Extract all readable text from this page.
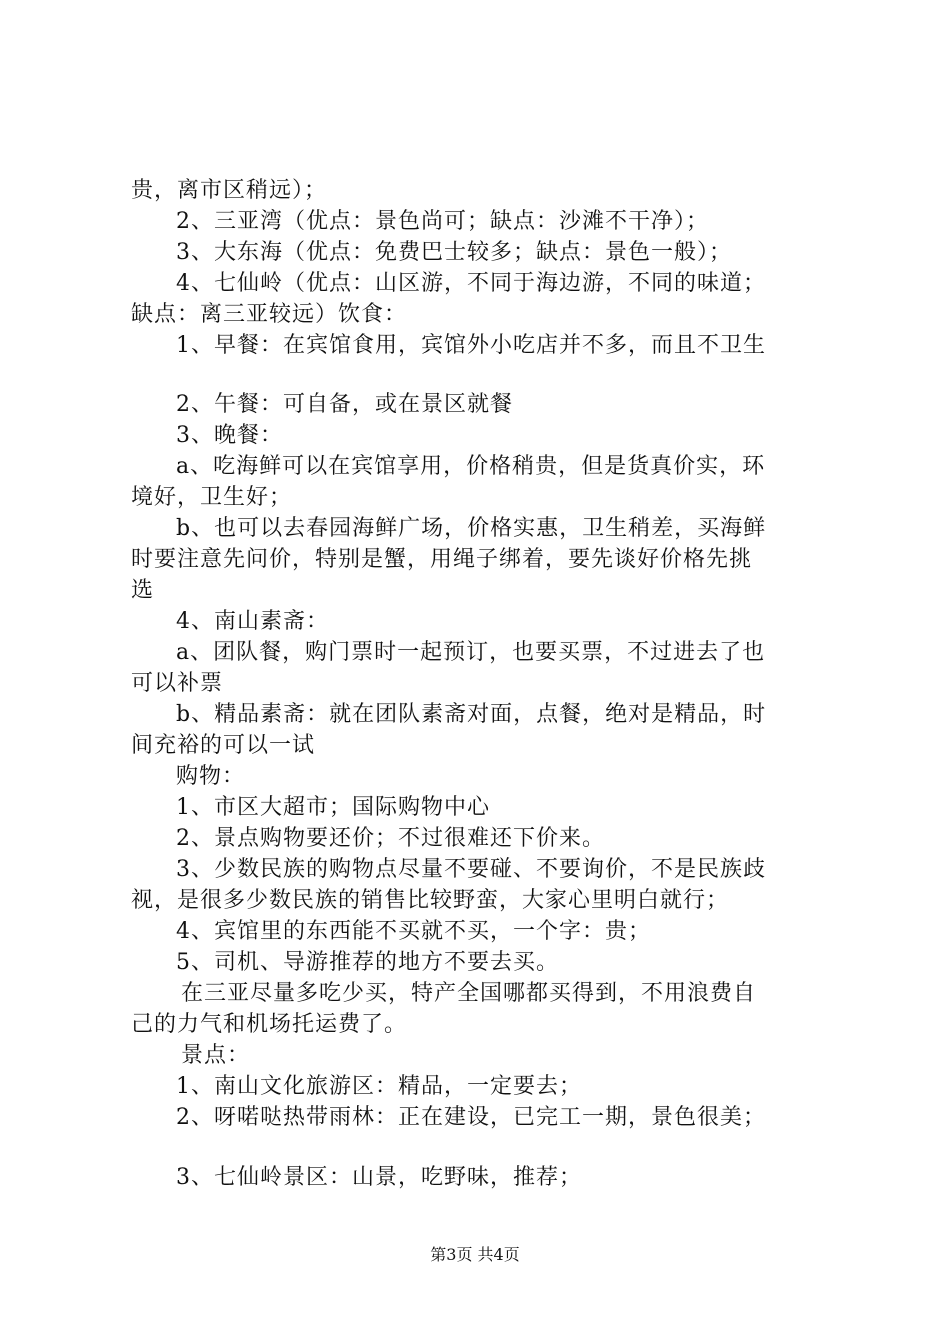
贵，离市区稍远）；
2、三亚湾（优点：景色尚可；缺点：沙滩不干净）；
3、大东海（优点：免费巴士较多；缺点：景色一般）；
4、七仙岭（优点：山区游，不同于海边游，不同的味道；
缺点：离三亚较远）饮食：
1、早餐：在宾馆食用，宾馆外小吃店并不多，而且不卫生
2、午餐：可自备，或在景区就餐
3、晚餐：
a、吃海鲜可以在宾馆享用，价格稍贵，但是货真价实，环
境好，卫生好；
b、也可以去春园海鲜广场，价格实惠，卫生稍差，买海鲜
时要注意先问价，特别是蟹，用绳子绑着，要先谈好价格先挑
选
4、南山素斋：
a、团队餐，购门票时一起预订，也要买票，不过进去了也
可以补票
b、精品素斋：就在团队素斋对面，点餐，绝对是精品，时
间充裕的可以一试
购物：
1、市区大超市；国际购物中心
2、景点购物要还价；不过很难还下价来。
3、少数民族的购物点尽量不要碰、不要询价，不是民族歧
视，是很多少数民族的销售比较野蛮，大家心里明白就行；
4、宾馆里的东西能不买就不买，一个字：贵；
5、司机、导游推荐的地方不要去买。
在三亚尽量多吃少买，特产全国哪都买得到，不用浪费自
己的力气和机场托运费了。
景点：
1、南山文化旅游区：精品，一定要去；
2、呀喏哒热带雨林：正在建设，已完工一期，景色很美；
3、七仙岭景区：山景，吃野味，推荐；
第3页 共4页
